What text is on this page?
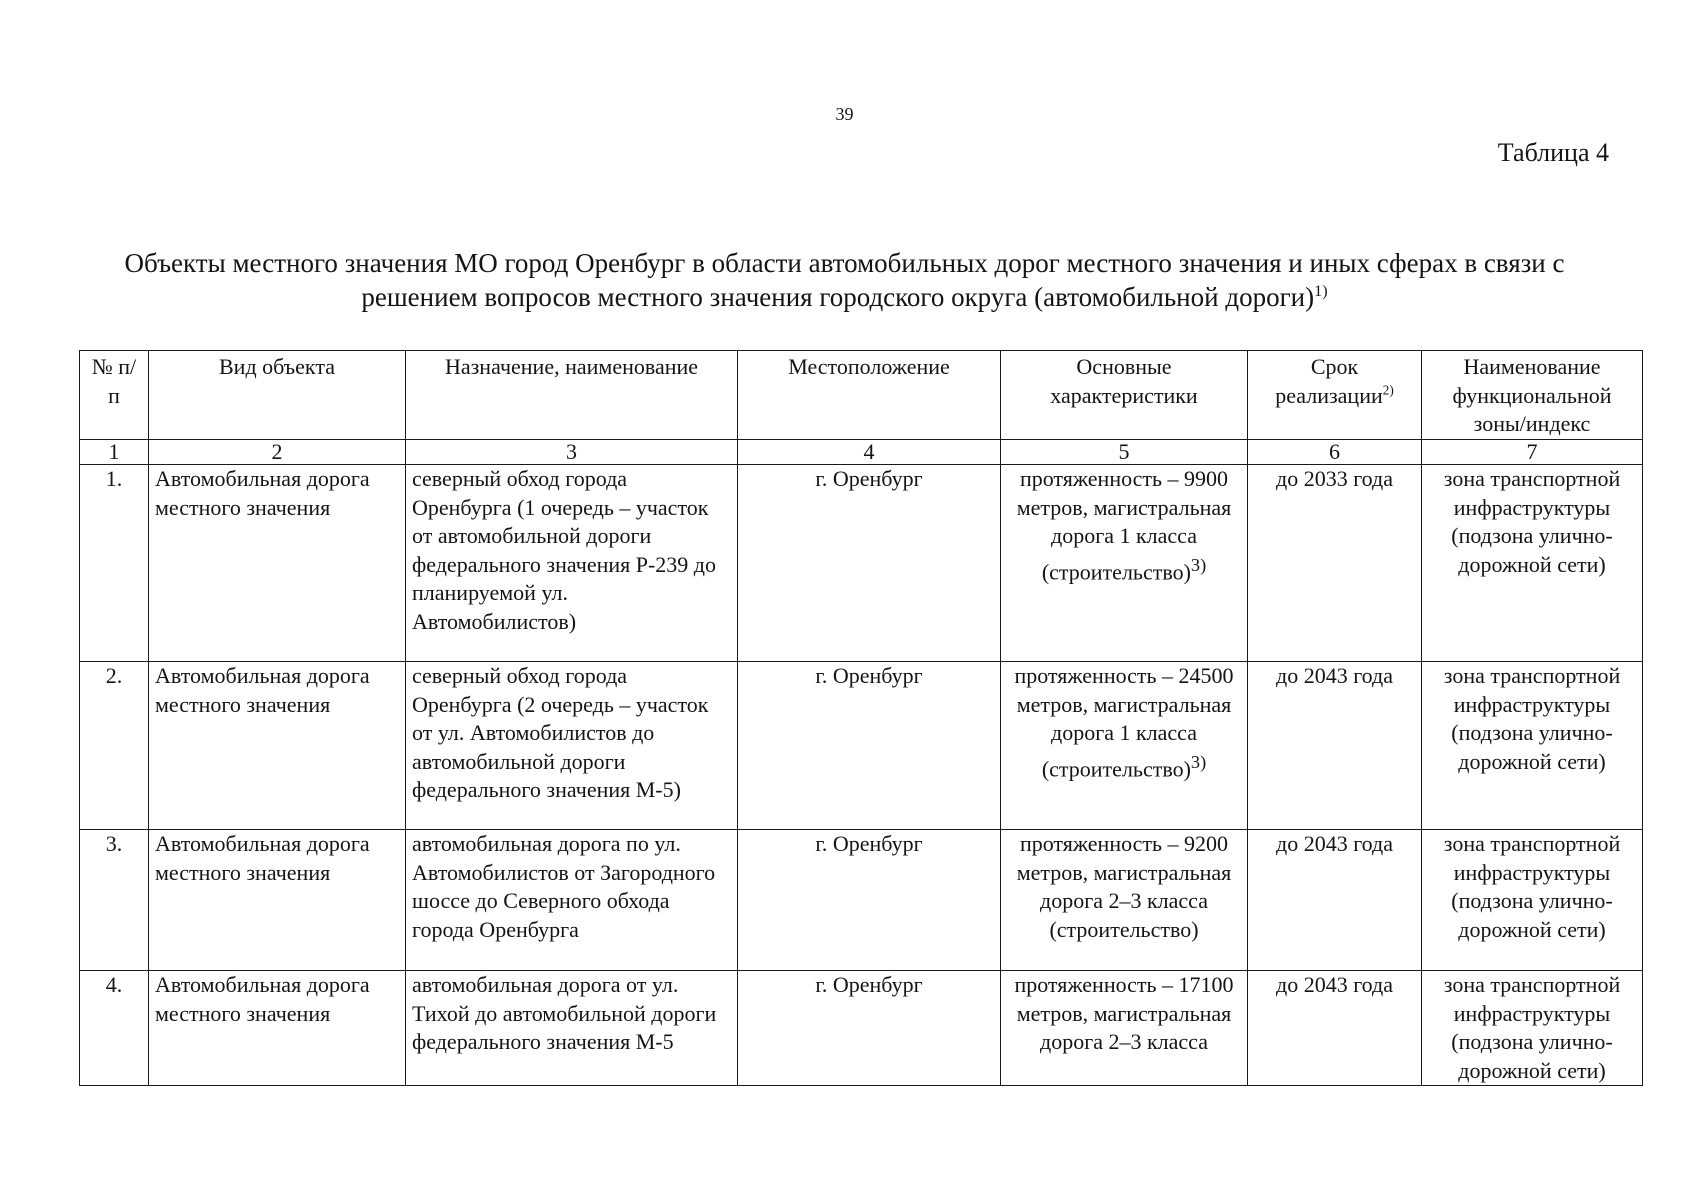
39
Таблица 4
Объекты местного значения МО город Оренбург в области автомобильных дорог местного значения и иных сферах в связи с
решением вопросов местного значения городского округа (автомобильной дороги)$^{1)}$
№ п/п	Вид объекта	Назначение, наименование	Местоположение	Основные характеристики	Срок реализации$^{2)}$	Наименование функциональной зоны/индекс
1	2	3	4	5	6	7
1.	Автомобильная дорога местного значения	северный обход города Оренбурга (1 очередь – участок от автомобильной дороги федерального значения Р-239 до планируемой ул. Автомобилистов)	г. Оренбург	протяженность – 9900 метров, магистральная дорога 1 класса (строительство)$^{3)}$	до 2033 года	зона транспортной инфраструктуры (подзона улично-дорожной сети)
2.	Автомобильная дорога местного значения	северный обход города Оренбурга (2 очередь – участок от ул. Автомобилистов до автомобильной дороги федерального значения М-5)	г. Оренбург	протяженность – 24500 метров, магистральная дорога 1 класса (строительство)$^{3)}$	до 2043 года	зона транспортной инфраструктуры (подзона улично-дорожной сети)
3.	Автомобильная дорога местного значения	автомобильная дорога по ул. Автомобилистов от Загородного шоссе до Северного обхода города Оренбурга	г. Оренбург	протяженность – 9200 метров, магистральная дорога 2–3 класса (строительство)	до 2043 года	зона транспортной инфраструктуры (подзона улично-дорожной сети)
4.	Автомобильная дорога местного значения	автомобильная дорога от ул. Тихой до автомобильной дороги федерального значения М-5	г. Оренбург	протяженность – 17100 метров, магистральная дорога 2–3 класса	до 2043 года	зона транспортной инфраструктуры (подзона улично-дорожной сети)
